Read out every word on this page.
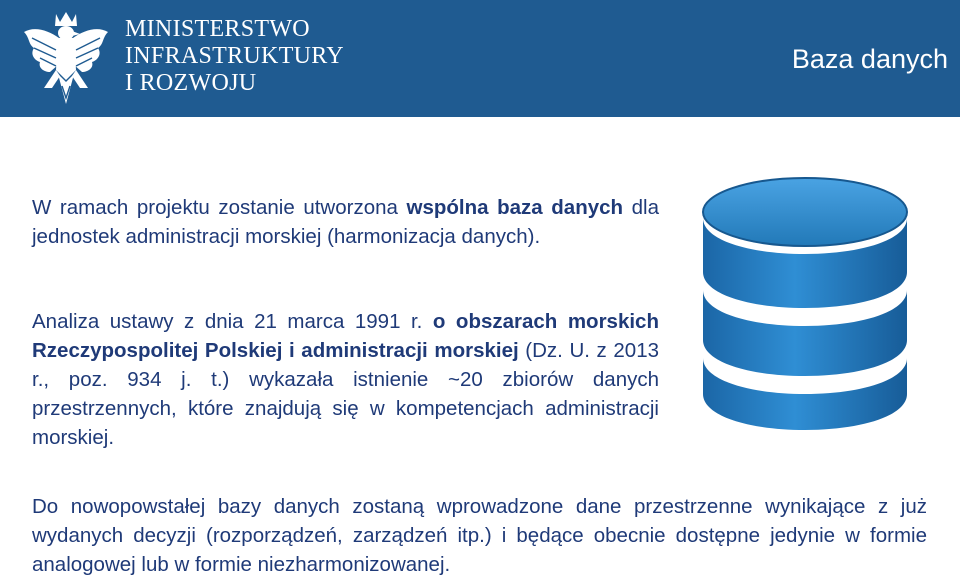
MINISTERSTWO
INFRASTRUKTURY
I ROZWOJU
Baza danych

W ramach projektu zostanie utworzona wspólna baza danych dla jednostek administracji morskiej (harmonizacja danych).

Analiza ustawy z dnia 21 marca 1991 r. o obszarach morskich Rzeczypospolitej Polskiej i administracji morskiej (Dz. U. z 2013 r., poz. 934 j. t.) wykazała istnienie ~20 zbiorów danych przestrzennych, które znajdują się w kompetencjach administracji morskiej.

Do nowopowstałej bazy danych zostaną wprowadzone dane przestrzenne wynikające z już wydanych decyzji (rozporządzeń, zarządzeń itp.) i będące obecnie dostępne jedynie w formie analogowej lub w formie niezharmonizowanej.
